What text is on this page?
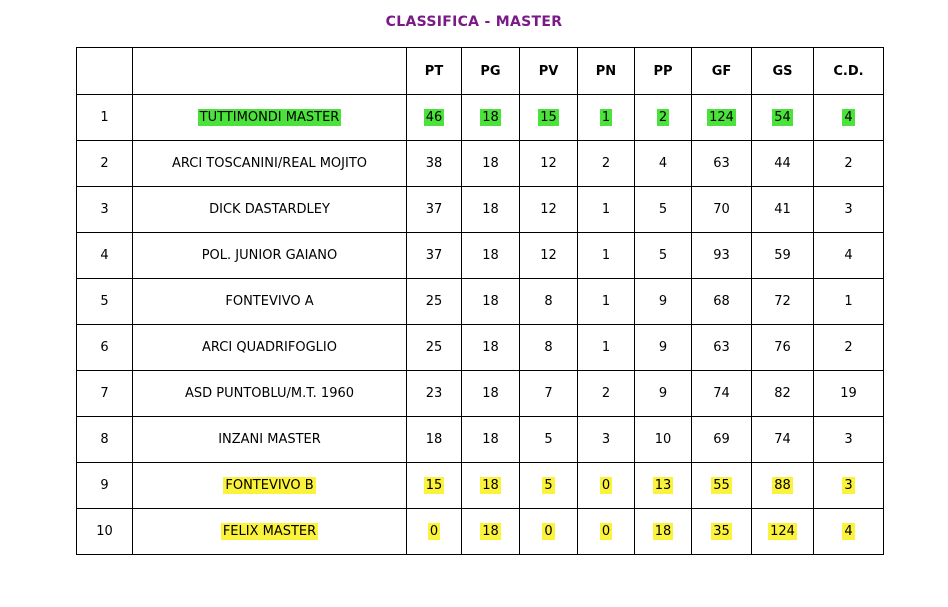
CLASSIFICA - MASTER
		PT	PG	PV	PN	PP	GF	GS	C.D.
1	TUTTIMONDI MASTER	46	18	15	1	2	124	54	4
2	ARCI TOSCANINI/REAL MOJITO	38	18	12	2	4	63	44	2
3	DICK DASTARDLEY	37	18	12	1	5	70	41	3
4	POL. JUNIOR GAIANO	37	18	12	1	5	93	59	4
5	FONTEVIVO A	25	18	8	1	9	68	72	1
6	ARCI QUADRIFOGLIO	25	18	8	1	9	63	76	2
7	ASD PUNTOBLU/M.T. 1960	23	18	7	2	9	74	82	19
8	INZANI MASTER	18	18	5	3	10	69	74	3
9	FONTEVIVO B	15	18	5	0	13	55	88	3
10	FELIX MASTER	0	18	0	0	18	35	124	4
